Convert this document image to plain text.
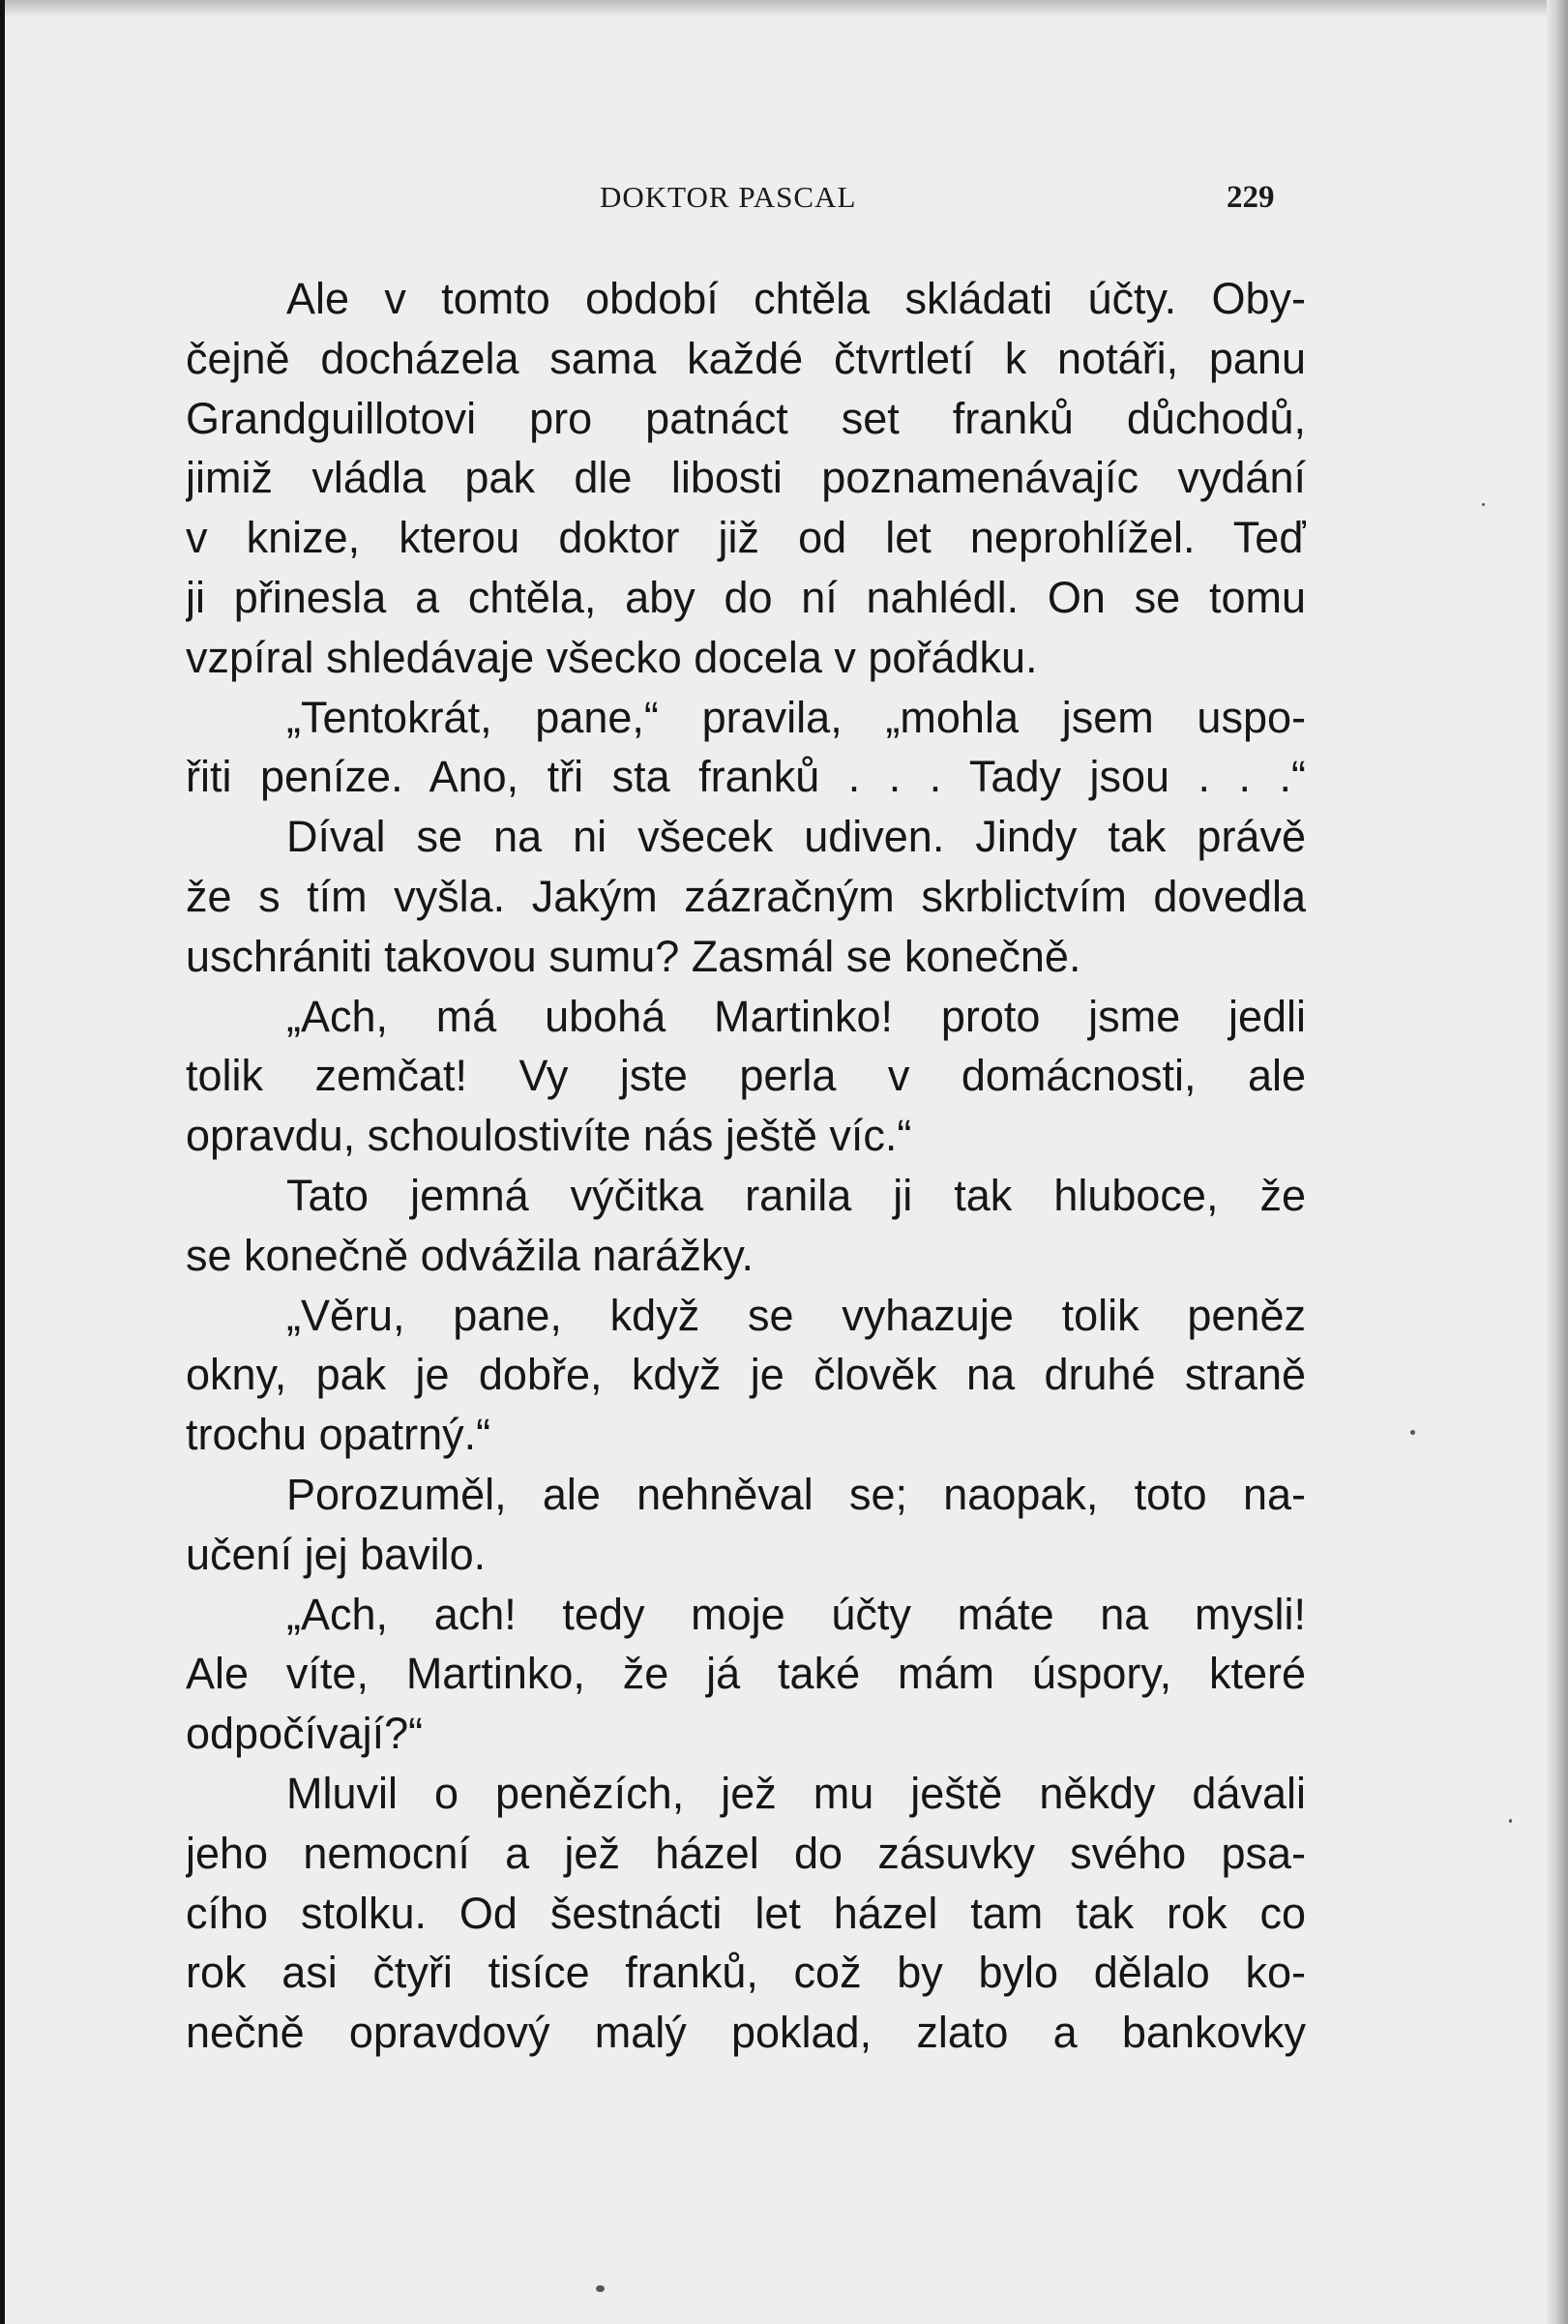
DOKTOR PASCAL	229
Ale v tomto období chtěla skládati účty. Oby-
čejně docházela sama každé čtvrtletí k notáři, panu
Grandguillotovi pro patnáct set franků důchodů,
jimiž vládla pak dle libosti poznamenávajíc vydání
v knize, kterou doktor již od let neprohlížel. Teď
ji přinesla a chtěla, aby do ní nahlédl. On se tomu
vzpíral shledávaje všecko docela v pořádku.
„Tentokrát, pane,“ pravila, „mohla jsem uspo-
řiti peníze. Ano, tři sta franků . . . Tady jsou . . .“
Díval se na ni všecek udiven. Jindy tak právě
že s tím vyšla. Jakým zázračným skrblictvím dovedla
uschrániti takovou sumu? Zasmál se konečně.
„Ach, má ubohá Martinko! proto jsme jedli
tolik zemčat! Vy jste perla v domácnosti, ale
opravdu, schoulostivíte nás ještě víc.“
Tato jemná výčitka ranila ji tak hluboce, že
se konečně odvážila narážky.
„Věru, pane, když se vyhazuje tolik peněz
okny, pak je dobře, když je člověk na druhé straně
trochu opatrný.“
Porozuměl, ale nehněval se; naopak, toto na-
učení jej bavilo.
„Ach, ach! tedy moje účty máte na mysli!
Ale víte, Martinko, že já také mám úspory, které
odpočívají?“
Mluvil o penězích, jež mu ještě někdy dávali
jeho nemocní a jež házel do zásuvky svého psa-
cího stolku. Od šestnácti let házel tam tak rok co
rok asi čtyři tisíce franků, což by bylo dělalo ko-
nečně opravdový malý poklad, zlato a bankovky
